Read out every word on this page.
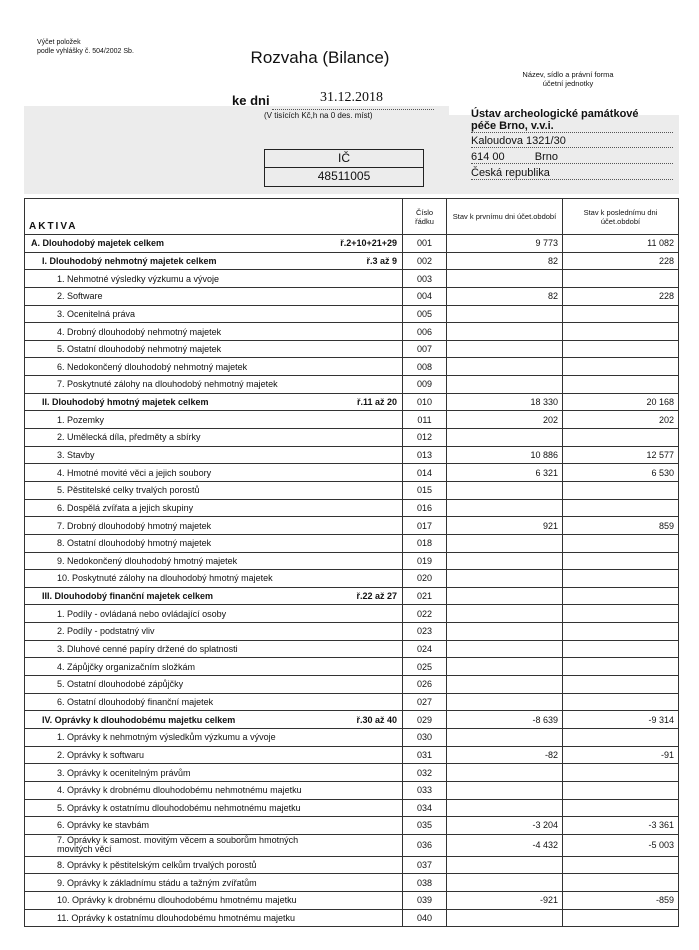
Výčet položek
podle vyhlášky č. 504/2002 Sb.	Rozvaha (Bilance)
Název, sídlo a právní forma
účetní jednotky
ke dni	31.12.2018
(V tisících Kč,h na 0 des. míst)
IČ
48511005
Ústav archeologické památkové
péče Brno, v.v.i.
Kaloudova 1321/30
614 00	Brno
Česká republika
AKTIVA	Číslo řádku	Stav k prvnímu dni účet.období	Stav k poslednímu dni účet.období

A. Dlouhodobý majetek celkem ř.2+10+21+29	001	9 773	11 082

I. Dlouhodobý nehmotný majetek celkem ř.3 až 9	002	82	228

1. Nehmotné výsledky výzkumu a vývoje	003		

2. Software	004	82	228

3. Ocenitelná práva	005		

4. Drobný dlouhodobý nehmotný majetek	006		

5. Ostatní dlouhodobý nehmotný majetek	007		

6. Nedokončený dlouhodobý nehmotný majetek	008		

7. Poskytnuté zálohy na dlouhodobý nehmotný majetek	009		

II. Dlouhodobý hmotný majetek celkem ř.11 až 20	010	18 330	20 168

1. Pozemky	011	202	202

2. Umělecká díla, předměty a sbírky	012		

3. Stavby	013	10 886	12 577

4. Hmotné movité věci a jejich soubory	014	6 321	6 530

5. Pěstitelské celky trvalých porostů	015		

6. Dospělá zvířata a jejich skupiny	016		

7. Drobný dlouhodobý hmotný majetek	017	921	859

8. Ostatní dlouhodobý hmotný majetek	018		

9. Nedokončený dlouhodobý hmotný majetek	019		

10. Poskytnuté zálohy na dlouhodobý hmotný majetek	020		

III. Dlouhodobý finanční majetek celkem ř.22 až 27	021		

1. Podíly - ovládaná nebo ovládající osoby	022		

2. Podíly - podstatný vliv	023		

3. Dluhové cenné papíry držené do splatnosti	024		

4. Zápůjčky organizačním složkám	025		

5. Ostatní dlouhodobé zápůjčky	026		

6. Ostatní dlouhodobý finanční majetek	027		

IV. Oprávky k dlouhodobému majetku celkem ř.30 až 40	029	-8 639	-9 314

1. Oprávky k nehmotným výsledkům výzkumu a vývoje	030		

2. Oprávky k softwaru	031	-82	-91

3. Oprávky k ocenitelným právům	032		

4. Oprávky k drobnému dlouhodobému nehmotnému majetku	033		

5. Oprávky k ostatnímu dlouhodobému nehmotnému majetku	034		

6. Oprávky ke stavbám	035	-3 204	-3 361

7. Oprávky k samost. movitým věcem a souborům hmotných movitých věcí	036	-4 432	-5 003

8. Oprávky k pěstitelským celkům trvalých porostů	037		

9. Oprávky k základnímu stádu a tažným zvířatům	038		

10. Oprávky k drobnému dlouhodobému hmotnému majetku	039	-921	-859

11. Oprávky k ostatnímu dlouhodobému hmotnému majetku	040		
